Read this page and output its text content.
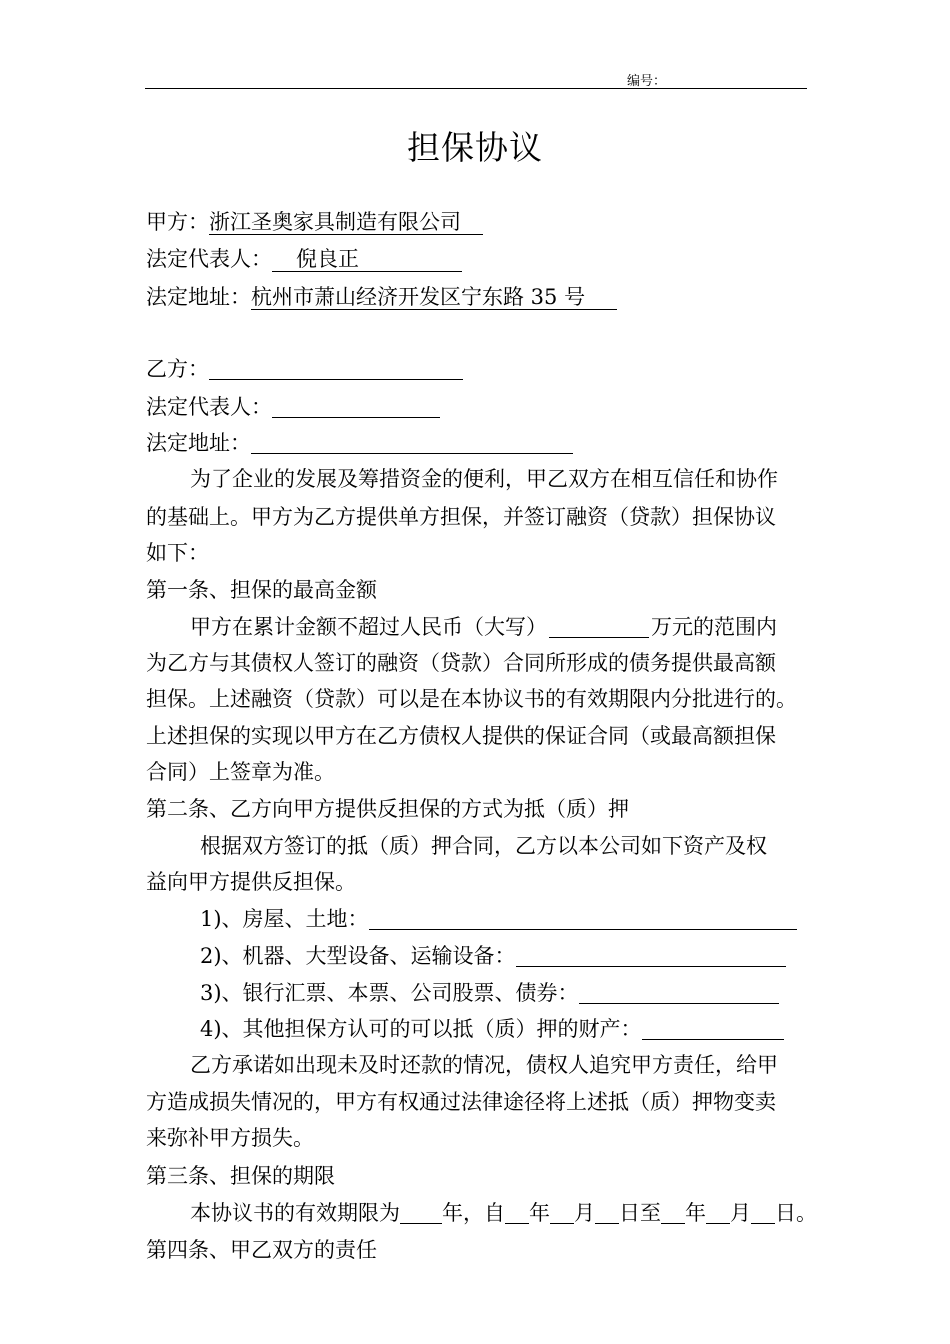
编号：
担保协议
甲方：浙江圣奥家具制造有限公司
法定代表人： 倪良正
法定地址：杭州市萧山经济开发区宁东路 35 号
乙方：
法定代表人：
法定地址：
为了企业的发展及筹措资金的便利，甲乙双方在相互信任和协作
的基础上。甲方为乙方提供单方担保，并签订融资（贷款）担保协议
如下：
第一条、担保的最高金额
甲方在累计金额不超过人民币（大写）	万元的范围内
为乙方与其债权人签订的融资（贷款）合同所形成的债务提供最高额
担保。上述融资（贷款）可以是在本协议书的有效期限内分批进行的。
上述担保的实现以甲方在乙方债权人提供的保证合同（或最高额担保
合同）上签章为准。
第二条、乙方向甲方提供反担保的方式为抵（质）押
根据双方签订的抵（质）押合同，乙方以本公司如下资产及权
益向甲方提供反担保。
1)、房屋、土地：
2)、机器、大型设备、运输设备：
3)、银行汇票、本票、公司股票、债券：
4)、其他担保方认可的可以抵（质）押的财产：
乙方承诺如出现未及时还款的情况，债权人追究甲方责任，给甲
方造成损失情况的，甲方有权通过法律途径将上述抵（质）押物变卖
来弥补甲方损失。
第三条、担保的期限
本协议书的有效期限为 年，自 年 月 日至 年 月 日。
第四条、甲乙双方的责任
